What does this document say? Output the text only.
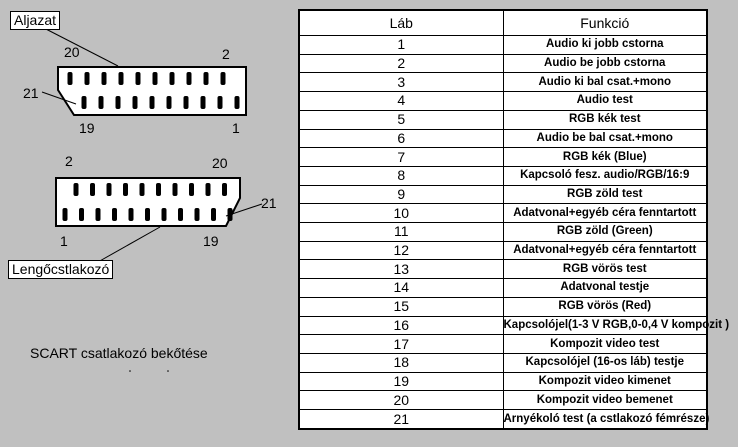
Aljazat
20	2
21
19	1
2	20
21
1	19
Lengőcstlakozó
SCART csatlakozó bekőtése
Láb	Funkció
1	Audio ki jobb cstorna
2	Audio be jobb cstorna
3	Audio ki bal csat.+mono
4	Audio test
5	RGB kék test
6	Audio be bal csat.+mono
7	RGB kék (Blue)
8	Kapcsoló fesz. audio/RGB/16:9
9	RGB zöld test
10	Adatvonal+egyéb céra fenntartott
11	RGB zöld (Green)
12	Adatvonal+egyéb céra fenntartott
13	RGB vörös test
14	Adatvonal testje
15	RGB vörös (Red)
16	Kapcsolójel(1-3 V RGB,0-0,4 V kompozit )
17	Kompozit video test
18	Kapcsolójel (16-os láb) testje
19	Kompozit video kimenet
20	Kompozit video bemenet
21	Arnyékoló test (a cstlakozó fémrésze)
